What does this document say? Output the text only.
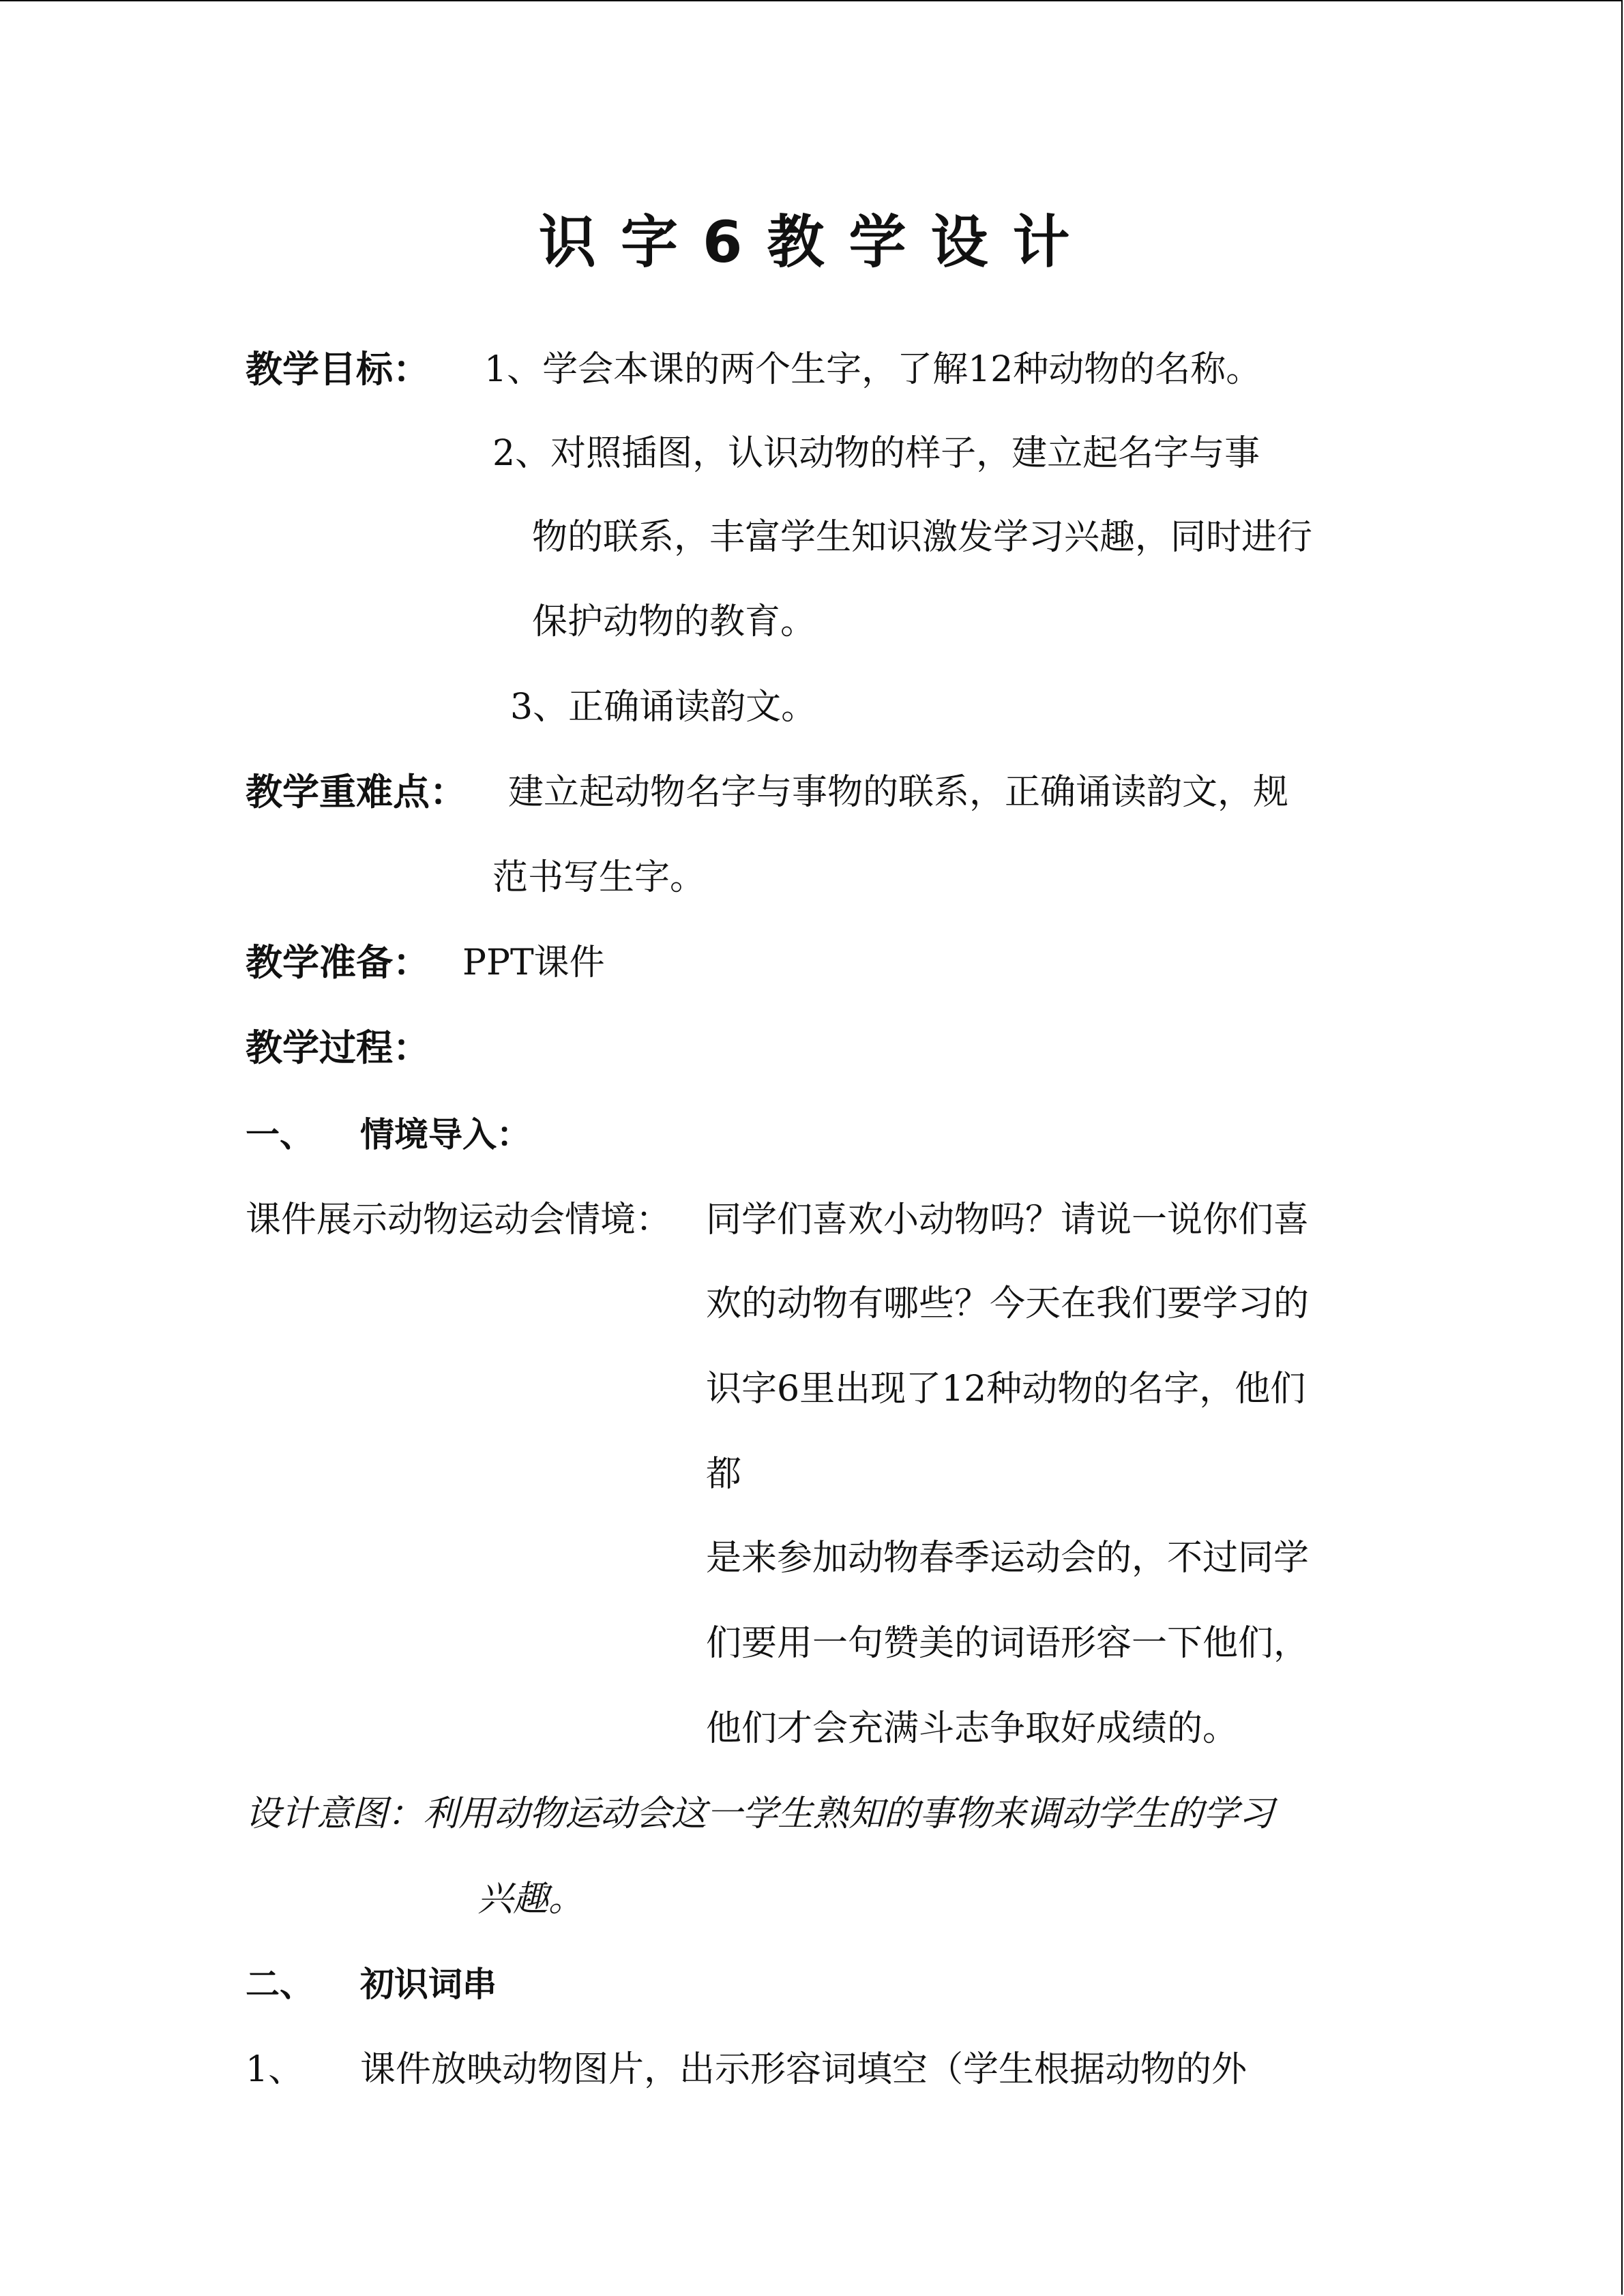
识字6教学设计
教学目标： 1、学会本课的两个生字，了解12种动物的名称。
2、对照插图，认识动物的样子，建立起名字与事
物的联系，丰富学生知识激发学习兴趣，同时进行
保护动物的教育。
3、正确诵读韵文。
教学重难点： 建立起动物名字与事物的联系，正确诵读韵文，规
范书写生字。
教学准备： PPT课件
教学过程：
一、 情境导入：
课件展示动物运动会情境： 同学们喜欢小动物吗？请说一说你们喜
欢的动物有哪些？今天在我们要学习的
识字6里出现了12种动物的名字，他们
都
是来参加动物春季运动会的，不过同学
们要用一句赞美的词语形容一下他们，
他们才会充满斗志争取好成绩的。
设计意图：利用动物运动会这一学生熟知的事物来调动学生的学习
兴趣。
二、 初识词串
1、 课件放映动物图片，出示形容词填空（学生根据动物的外
